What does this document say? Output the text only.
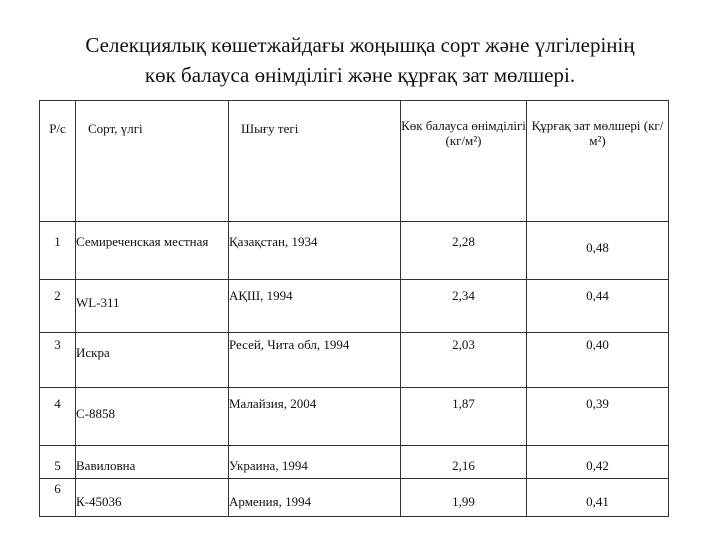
Селекциялық көшетжайдағы жоңышқа сорт және үлгілерінің
көк балауса өнімділігі және құрғақ зат мөлшері.
Р/с	Сорт, үлгі	Шығу тегі	Көк балауса өнімділігі (кг/м²)	Құрғақ зат мөлшері (кг/м²)
1	Семиреченская местная	Қазақстан, 1934	2,28	0,48
2	WL-311	АҚШ, 1994	2,34	0,44
3	Искра	Ресей, Чита обл, 1994	2,03	0,40
4	С-8858	Малайзия, 2004	1,87	0,39
5	Вавиловна	Украина, 1994	2,16	0,42
6	К-45036	Армения, 1994	1,99	0,41
